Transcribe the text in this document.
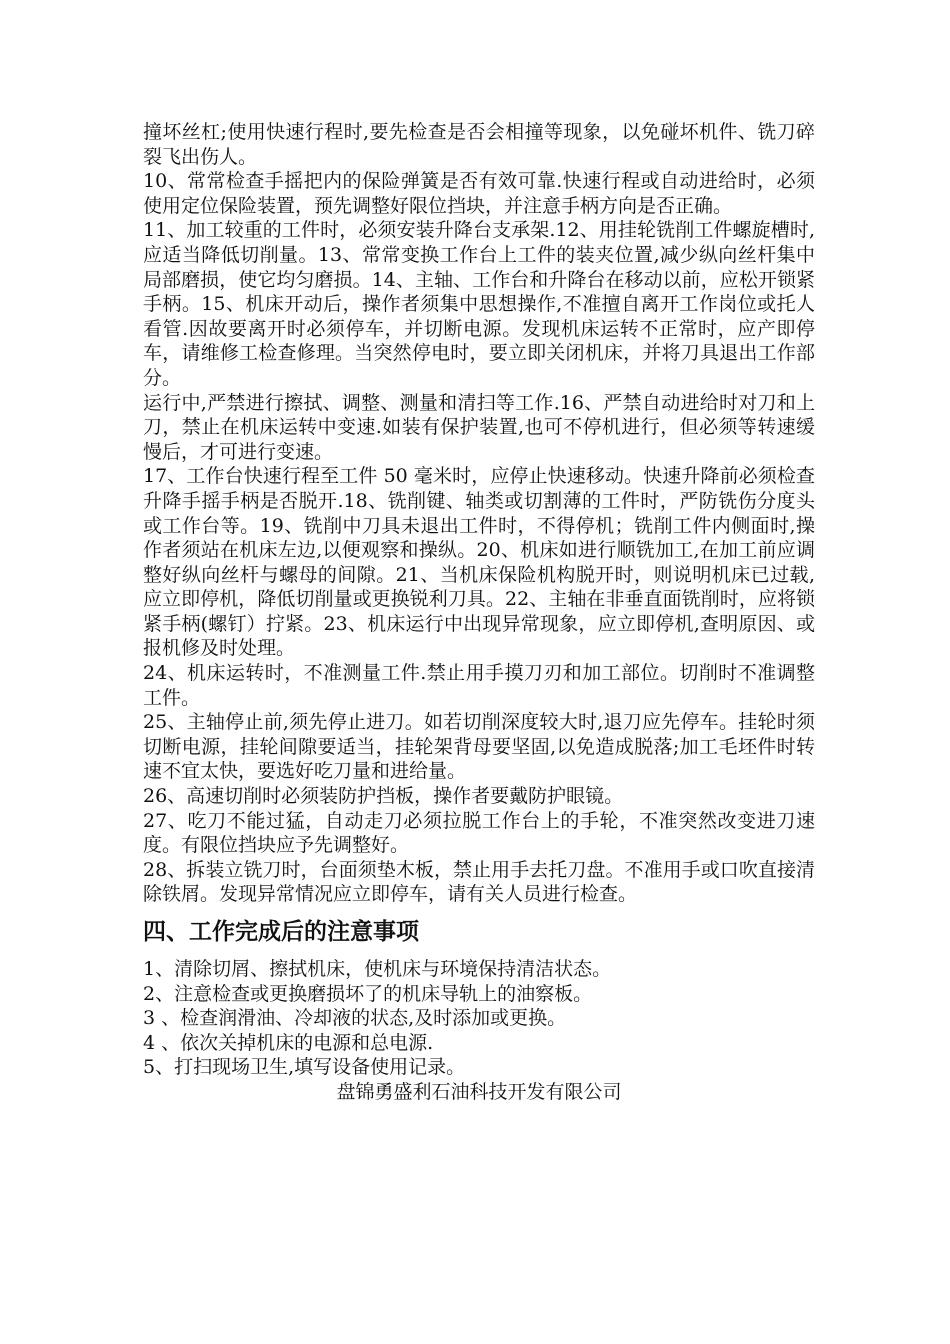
撞坏丝杠;使用快速行程时,要先检查是否会相撞等现象，以免碰坏机件、铣刀碎裂飞出伤人。

10、常常检查手摇把内的保险弹簧是否有效可靠.快速行程或自动进给时，必须使用定位保险装置，预先调整好限位挡块，并注意手柄方向是否正确。

11、加工较重的工件时，必须安装升降台支承架.12、用挂轮铣削工件螺旋槽时,应适当降低切削量。13、常常变换工作台上工件的装夹位置,减少纵向丝杆集中局部磨损，使它均匀磨损。14、主轴、工作台和升降台在移动以前，应松开锁紧手柄。15、机床开动后，操作者须集中思想操作,不准擅自离开工作岗位或托人看管.因故要离开时必须停车，并切断电源。发现机床运转不正常时，应产即停车，请维修工检查修理。当突然停电时，要立即关闭机床，并将刀具退出工作部分。

运行中,严禁进行擦拭、调整、测量和清扫等工作.16、严禁自动进给时对刀和上刀，禁止在机床运转中变速.如装有保护装置,也可不停机进行，但必须等转速缓慢后，才可进行变速。

17、工作台快速行程至工件 50 毫米时，应停止快速移动。快速升降前必须检查升降手摇手柄是否脱开.18、铣削键、轴类或切割薄的工件时，严防铣伤分度头或工作台等。19、铣削中刀具未退出工件时，不得停机；铣削工件内侧面时,操作者须站在机床左边,以便观察和操纵。20、机床如进行顺铣加工,在加工前应调整好纵向丝杆与螺母的间隙。21、当机床保险机构脱开时，则说明机床已过载,应立即停机，降低切削量或更换锐利刀具。22、主轴在非垂直面铣削时，应将锁紧手柄(螺钉）拧紧。23、机床运行中出现异常现象，应立即停机,查明原因、或报机修及时处理。

24、机床运转时，不准测量工件.禁止用手摸刀刃和加工部位。切削时不准调整工件。

25、主轴停止前,须先停止进刀。如若切削深度较大时,退刀应先停车。挂轮时须切断电源，挂轮间隙要适当，挂轮架背母要坚固,以免造成脱落;加工毛坯件时转速不宜太快，要选好吃刀量和进给量。

26、高速切削时必须装防护挡板，操作者要戴防护眼镜。

27、吃刀不能过猛，自动走刀必须拉脱工作台上的手轮，不准突然改变进刀速度。有限位挡块应予先调整好。

28、拆装立铣刀时，台面须垫木板，禁止用手去托刀盘。不准用手或口吹直接清除铁屑。发现异常情况应立即停车，请有关人员进行检查。

四、工作完成后的注意事项
1、清除切屑、擦拭机床，使机床与环境保持清洁状态。
2、注意检查或更换磨损坏了的机床导轨上的油察板。
3 、检查润滑油、冷却液的状态,及时添加或更换。
4 、依次关掉机床的电源和总电源.
5、打扫现场卫生,填写设备使用记录。

盘锦勇盛利石油科技开发有限公司
